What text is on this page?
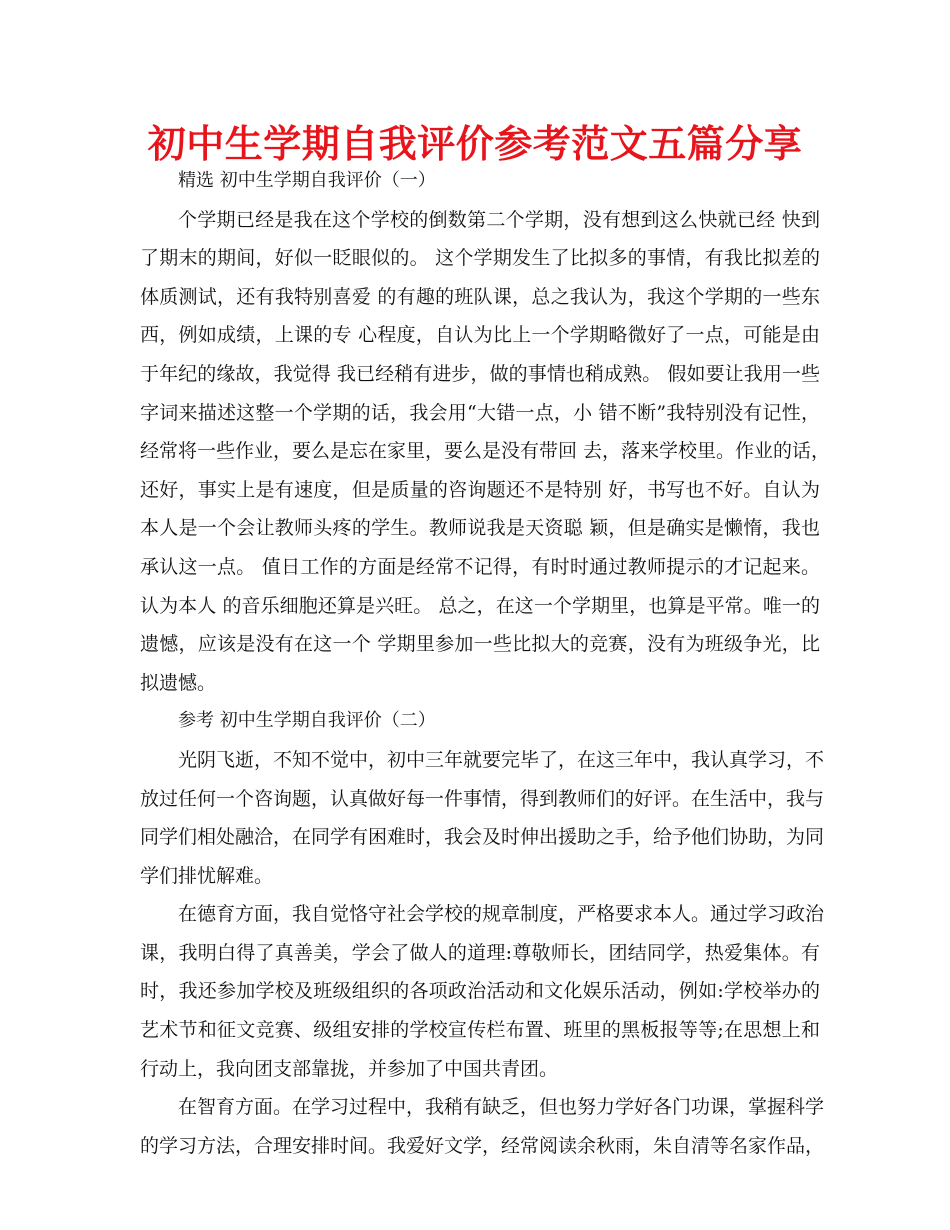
初中生学期自我评价参考范文五篇分享
精选 初中生学期自我评价（一）
个学期已经是我在这个学校的倒数第二个学期，没有想到这么快就已经 快到
了期末的期间，好似一眨眼似的。 这个学期发生了比拟多的事情，有我比拟差的
体质测试，还有我特别喜爱 的有趣的班队课，总之我认为，我这个学期的一些东
西，例如成绩，上课的专 心程度，自认为比上一个学期略微好了一点，可能是由
于年纪的缘故，我觉得 我已经稍有进步，做的事情也稍成熟。 假如要让我用一些
字词来描述这整一个学期的话，我会用“大错一点，小 错不断”我特别没有记性，
经常将一些作业，要么是忘在家里，要么是没有带回 去，落来学校里。作业的话，
还好，事实上是有速度，但是质量的咨询题还不是特别 好，书写也不好。自认为
本人是一个会让教师头疼的学生。教师说我是天资聪 颖，但是确实是懒惰，我也
承认这一点。 值日工作的方面是经常不记得，有时时通过教师提示的才记起来。
认为本人 的音乐细胞还算是兴旺。 总之，在这一个学期里，也算是平常。唯一的
遗憾，应该是没有在这一个 学期里参加一些比拟大的竞赛，没有为班级争光，比
拟遗憾。
参考 初中生学期自我评价（二）
光阴飞逝，不知不觉中，初中三年就要完毕了，在这三年中，我认真学习，不
放过任何一个咨询题，认真做好每一件事情，得到教师们的好评。在生活中，我与
同学们相处融洽，在同学有困难时，我会及时伸出援助之手，给予他们协助，为同
学们排忧解难。
在德育方面，我自觉恪守社会学校的规章制度，严格要求本人。通过学习政治
课，我明白得了真善美，学会了做人的道理:尊敬师长，团结同学，热爱集体。有
时，我还参加学校及班级组织的各项政治活动和文化娱乐活动，例如:学校举办的
艺术节和征文竞赛、级组安排的学校宣传栏布置、班里的黑板报等等;在思想上和
行动上，我向团支部靠拢，并参加了中国共青团。
在智育方面。在学习过程中，我稍有缺乏，但也努力学好各门功课，掌握科学
的学习方法，合理安排时间。我爱好文学，经常阅读余秋雨，朱自清等名家作品，
